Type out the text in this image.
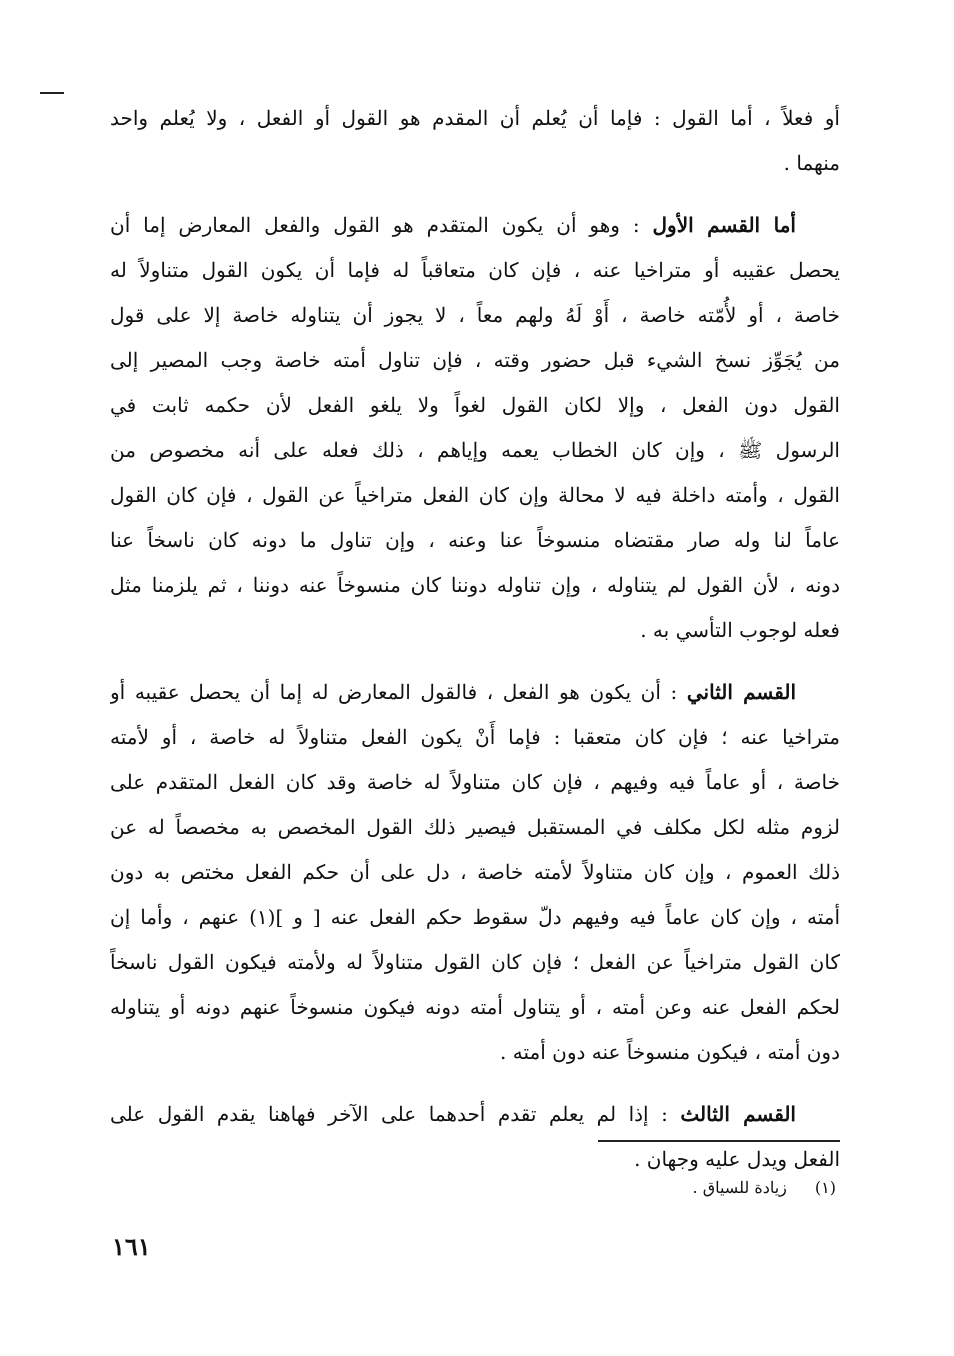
أو فعلاً ، أما القول : فإما أن يُعلم أن المقدم هو القول أو الفعل ، ولا يُعلم واحد
منهما .
أما القسم الأول : وهو أن يكون المتقدم هو القول والفعل المعارض إما أن
يحصل عقيبه أو متراخيا عنه ، فإن كان متعاقباً له فإما أن يكون القول متناولاً له
خاصة ، أو لأُمّته خاصة ، أَوْ لَهُ ولهم معاً ، لا يجوز أن يتناوله خاصة إلا على قول
من يُجَوِّز نسخ الشيء قبل حضور وقته ، فإن تناول أمته خاصة وجب المصير إلى
القول دون الفعل ، وإلا لكان القول لغواً ولا يلغو الفعل لأن حكمه ثابت في
الرسول ﷺ ، وإن كان الخطاب يعمه وإياهم ، ذلك فعله على أنه مخصوص من
القول ، وأمته داخلة فيه لا محالة وإن كان الفعل متراخياً عن القول ، فإن كان القول
عاماً لنا وله صار مقتضاه منسوخاً عنا وعنه ، وإن تناول ما دونه كان ناسخاً عنا
دونه ، لأن القول لم يتناوله ، وإن تناوله دوننا كان منسوخاً عنه دوننا ، ثم يلزمنا مثل
فعله لوجوب التأسي به .
القسم الثاني : أن يكون هو الفعل ، فالقول المعارض له إما أن يحصل عقيبه أو
متراخيا عنه ؛ فإن كان متعقبا : فإما أَنْ يكون الفعل متناولاً له خاصة ، أو لأمته
خاصة ، أو عاماً فيه وفيهم ، فإن كان متناولاً له خاصة وقد كان الفعل المتقدم على
لزوم مثله لكل مكلف في المستقبل فيصير ذلك القول المخصص به مخصصاً له عن
ذلك العموم ، وإن كان متناولاً لأمته خاصة ، دل على أن حكم الفعل مختص به دون
أمته ، وإن كان عاماً فيه وفيهم دلّ سقوط حكم الفعل عنه [ و ](١) عنهم ، وأما إن
كان القول متراخياً عن الفعل ؛ فإن كان القول متناولاً له ولأمته فيكون القول ناسخاً
لحكم الفعل عنه وعن أمته ، أو يتناول أمته دونه فيكون منسوخاً عنهم دونه أو يتناوله
دون أمته ، فيكون منسوخاً عنه دون أمته .
القسم الثالث : إذا لم يعلم تقدم أحدهما على الآخر فهاهنا يقدم القول على
الفعل ويدل عليه وجهان .
(١)زيادة للسياق .
١٦١
